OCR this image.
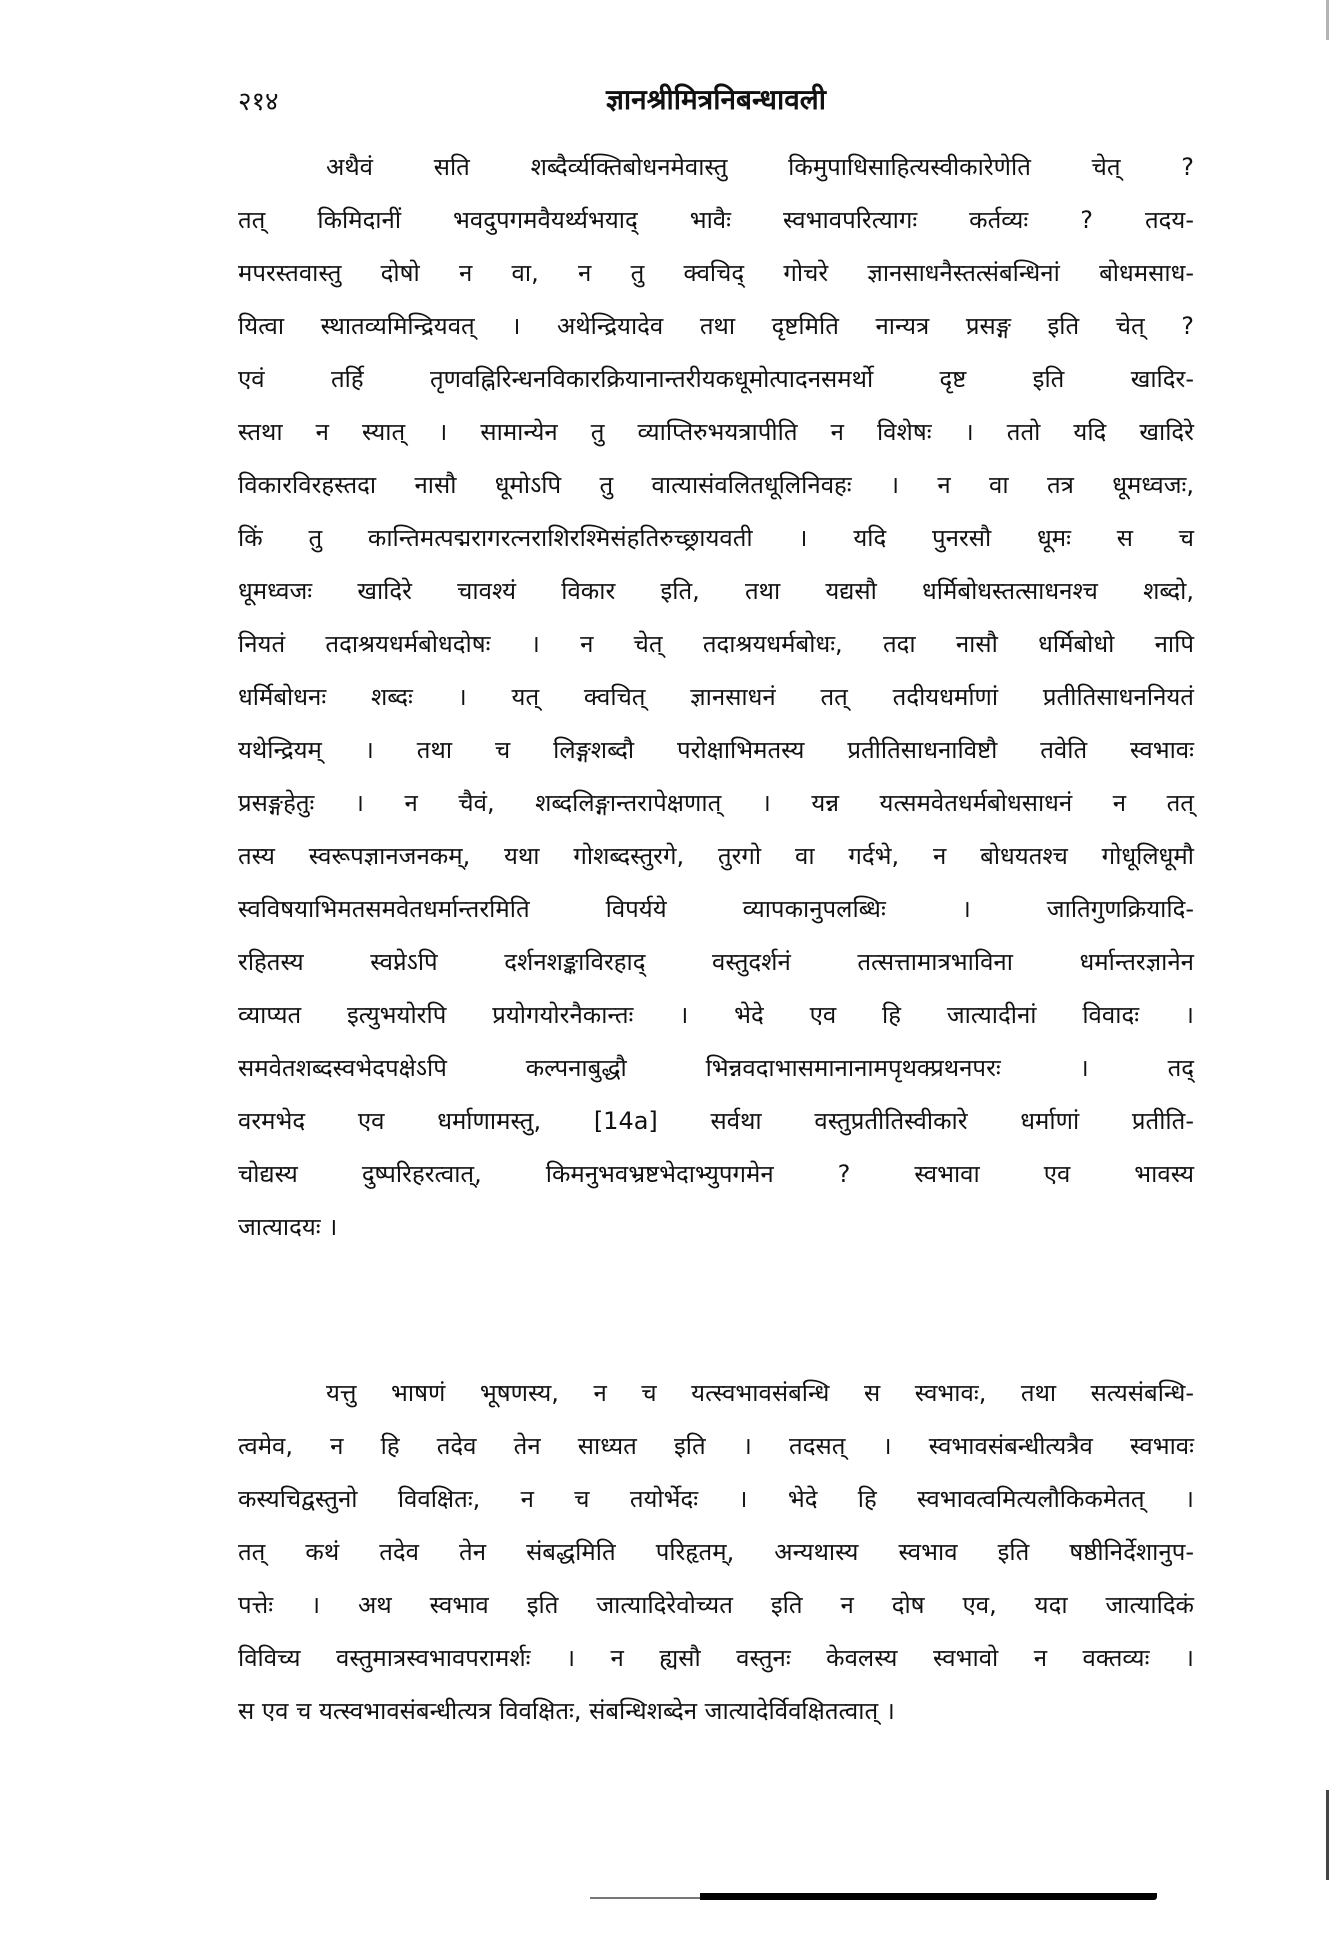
२१४	ज्ञानश्रीमित्रनिबन्धावली
अथैवं सति शब्दैर्व्यक्तिबोधनमेवास्तु किमुपाधिसाहित्यस्वीकारेणेति चेत् ?
तत् किमिदानीं भवदुपगमवैयर्थ्यभयाद् भावैः स्वभावपरित्यागः कर्तव्यः ? तदय-
मपरस्तवास्तु दोषो न वा, न तु क्वचिद् गोचरे ज्ञानसाधनैस्तत्संबन्धिनां बोधमसाध-
यित्वा स्थातव्यमिन्द्रियवत् । अथेन्द्रियादेव तथा दृष्टमिति नान्यत्र प्रसङ्ग इति चेत् ?
एवं तर्हि तृणवह्निरिन्धनविकारक्रियानान्तरीयकधूमोत्पादनसमर्थो दृष्ट इति खादिर-
स्तथा न स्यात् । सामान्येन तु व्याप्तिरुभयत्रापीति न विशेषः । ततो यदि खादिरे
विकारविरहस्तदा नासौ धूमोऽपि तु वात्यासंवलितधूलिनिवहः । न वा तत्र धूमध्वजः,
किं तु कान्तिमत्पद्मरागरत्नराशिरश्मिसंहतिरुच्छ्रायवती । यदि पुनरसौ धूमः स च
धूमध्वजः खादिरे चावश्यं विकार इति, तथा यद्यसौ धर्मिबोधस्तत्साधनश्च शब्दो,
नियतं तदाश्रयधर्मबोधदोषः । न चेत् तदाश्रयधर्मबोधः, तदा नासौ धर्मिबोधो नापि
धर्मिबोधनः शब्दः । यत् क्वचित् ज्ञानसाधनं तत् तदीयधर्माणां प्रतीतिसाधननियतं
यथेन्द्रियम् । तथा च लिङ्गशब्दौ परोक्षाभिमतस्य प्रतीतिसाधनाविष्टौ तवेति स्वभावः
प्रसङ्गहेतुः । न चैवं, शब्दलिङ्गान्तरापेक्षणात् । यन्न यत्समवेतधर्मबोधसाधनं न तत्
तस्य स्वरूपज्ञानजनकम्, यथा गोशब्दस्तुरगे, तुरगो वा गर्दभे, न बोधयतश्च गोधूलिधूमौ
स्वविषयाभिमतसमवेतधर्मान्तरमिति विपर्यये व्यापकानुपलब्धिः । जातिगुणक्रियादि-
रहितस्य स्वप्नेऽपि दर्शनशङ्काविरहाद् वस्तुदर्शनं तत्सत्तामात्रभाविना धर्मान्तरज्ञानेन
व्याप्यत इत्युभयोरपि प्रयोगयोरनैकान्तः । भेदे एव हि जात्यादीनां विवादः ।
समवेतशब्दस्वभेदपक्षेऽपि कल्पनाबुद्धौ भिन्नवदाभासमानानामपृथक्प्रथनपरः । तद्
वरमभेद एव धर्माणामस्तु, [14a] सर्वथा वस्तुप्रतीतिस्वीकारे धर्माणां प्रतीति-
चोद्यस्य दुष्परिहरत्वात्, किमनुभवभ्रष्टभेदाभ्युपगमेन ? स्वभावा एव भावस्य
जात्यादयः ।
यत्तु भाषणं भूषणस्य, न च यत्स्वभावसंबन्धि स स्वभावः, तथा सत्यसंबन्धि-
त्वमेव, न हि तदेव तेन साध्यत इति । तदसत् । स्वभावसंबन्धीत्यत्रैव स्वभावः
कस्यचिद्वस्तुनो विवक्षितः, न च तयोर्भेदः । भेदे हि स्वभावत्वमित्यलौकिकमेतत् ।
तत् कथं तदेव तेन संबद्धमिति परिहृतम्, अन्यथास्य स्वभाव इति षष्ठीनिर्देशानुप-
पत्तेः । अथ स्वभाव इति जात्यादिरेवोच्यत इति न दोष एव, यदा जात्यादिकं
विविच्य वस्तुमात्रस्वभावपरामर्शः । न ह्यसौ वस्तुनः केवलस्य स्वभावो न वक्तव्यः ।
स एव च यत्स्वभावसंबन्धीत्यत्र विवक्षितः, संबन्धिशब्देन जात्यादेर्विवक्षितत्वात् ।
